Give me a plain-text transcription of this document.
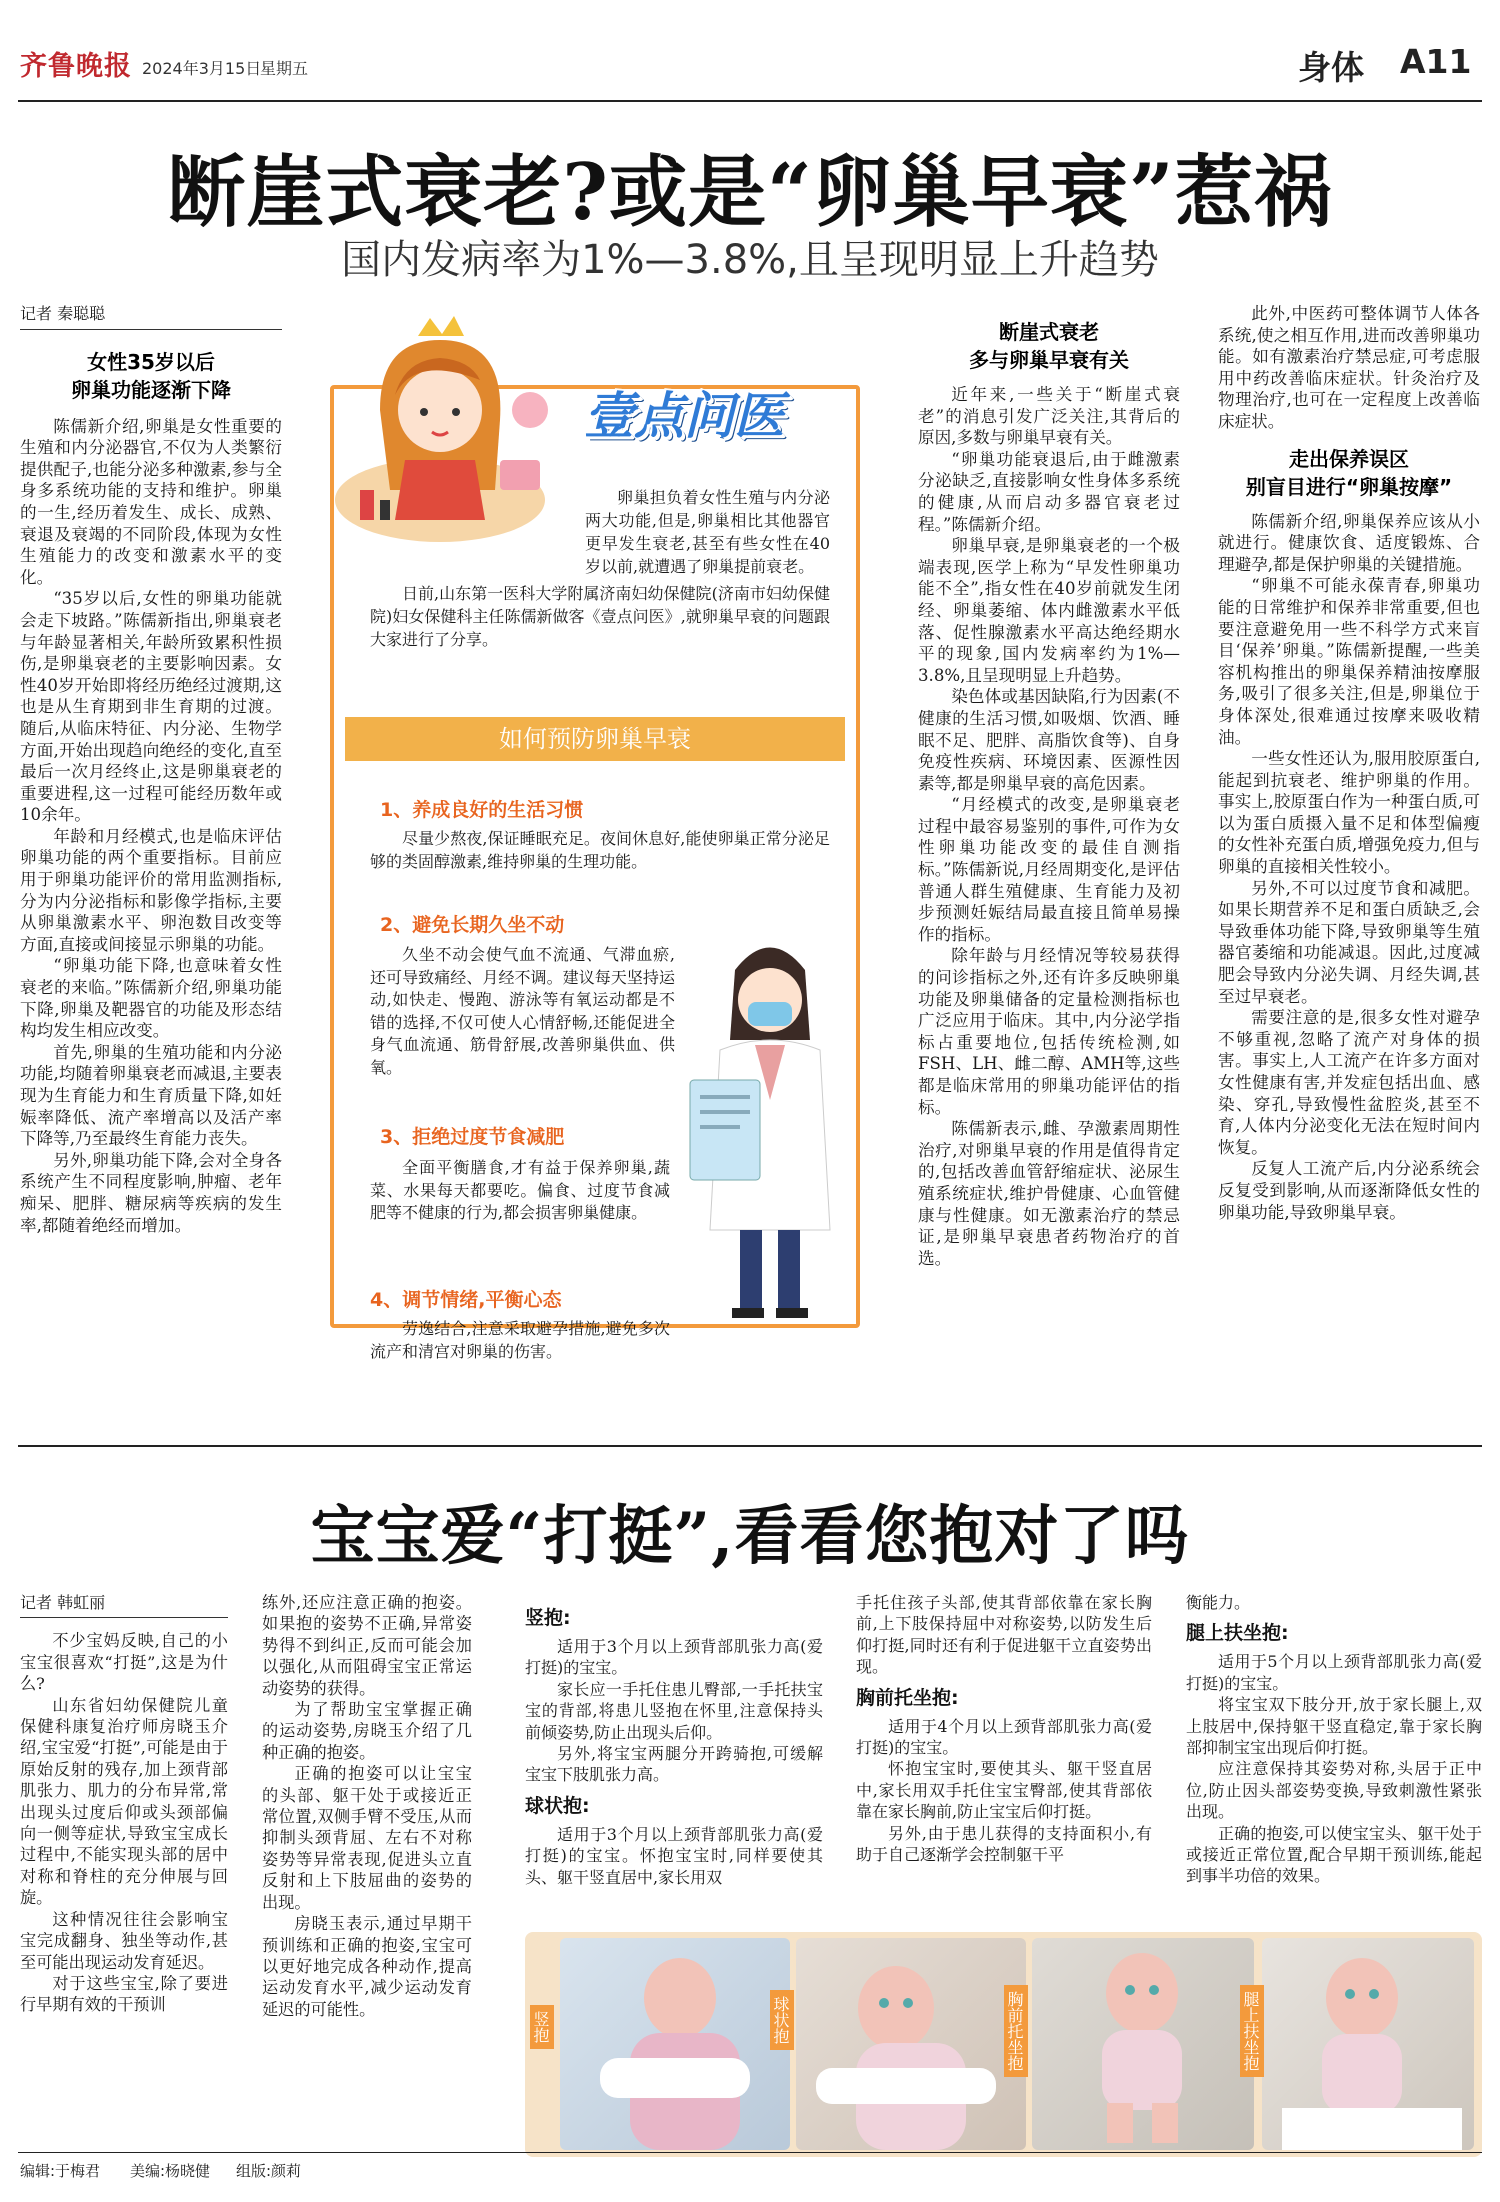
齐鲁晚报 2024年3月15日
星期五	身体 A11
断崖式衰老?或是“卵巢早衰”惹祸
国内发病率为1%—3.8%,且呈现明显上升趋势
记者 秦聪聪
女性35岁以后
卵巢功能逐渐下降

陈儒新介绍,卵巢是女性重要的生殖和内分泌器官,不仅为人类繁衍提供配子,也能分泌多种激素,参与全身多系统功能的支持和维护。卵巢的一生,经历着发生、成长、成熟、衰退及衰竭的不同阶段,体现为女性生殖能力的改变和激素水平的变化。

“35岁以后,女性的卵巢功能就会走下坡路。”陈儒新指出,卵巢衰老与年龄显著相关,年龄所致累积性损伤,是卵巢衰老的主要影响因素。女性40岁开始即将经历绝经过渡期,这也是从生育期到非生育期的过渡。随后,从临床特征、内分泌、生物学方面,开始出现趋向绝经的变化,直至最后一次月经终止,这是卵巢衰老的重要进程,这一过程可能经历数年或10余年。

年龄和月经模式,也是临床评估卵巢功能的两个重要指标。目前应用于卵巢功能评价的常用监测指标,分为内分泌指标和影像学指标,主要从卵巢激素水平、卵泡数目改变等方面,直接或间接显示卵巢的功能。

“卵巢功能下降,也意味着女性衰老的来临。”陈儒新介绍,卵巢功能下降,卵巢及靶器官的功能及形态结构均发生相应改变。

首先,卵巢的生殖功能和内分泌功能,均随着卵巢衰老而减退,主要表现为生育能力和生育质量下降,如妊娠率降低、流产率增高以及活产率下降等,乃至最终生育能力丧失。

另外,卵巢功能下降,会对全身各系统产生不同程度影响,肿瘤、老年痴呆、肥胖、糖尿病等疾病的发生率,都随着绝经而增加。

壹点问医
卵巢担负着女性生殖与内分泌两大功能,但是,卵巢相比其他器官更早发生衰老,甚至有些女性在40岁以前,就遭遇了卵巢提前衰老。
日前,山东第一医科大学附属济南妇幼保健院(济南市妇幼保健院)妇女保健科主任陈儒新做客《壹点问医》,就卵巢早衰的问题跟大家进行了分享。
如何预防卵巢早衰
1、养成良好的生活习惯
尽量少熬夜,保证睡眠充足。夜间休息好,能使卵巢正常分泌足够的类固醇激素,维持卵巢的生理功能。
2、避免长期久坐不动
久坐不动会使气血不流通、气滞血瘀,还可导致痛经、月经不调。建议每天坚持运动,如快走、慢跑、游泳等有氧运动都是不错的选择,不仅可使人心情舒畅,还能促进全身气血流通、筋骨舒展,改善卵巢供血、供氧。
3、拒绝过度节食减肥
全面平衡膳食,才有益于保养卵巢,蔬菜、水果每天都要吃。偏食、过度节食减肥等不健康的行为,都会损害卵巢健康。
4、调节情绪,平衡心态
劳逸结合,注意采取避孕措施,避免多次流产和清宫对卵巢的伤害。
断崖式衰老
多与卵巢早衰有关

近年来,一些关于“断崖式衰老”的消息引发广泛关注,其背后的原因,多数与卵巢早衰有关。

“卵巢功能衰退后,由于雌激素分泌缺乏,直接影响女性身体多系统的健康,从而启动多器官衰老过程。”陈儒新介绍。

卵巢早衰,是卵巢衰老的一个极端表现,医学上称为“早发性卵巢功能不全”,指女性在40岁前就发生闭经、卵巢萎缩、体内雌激素水平低落、促性腺激素水平高达绝经期水平的现象,国内发病率约为1%—3.8%,且呈现明显上升趋势。

染色体或基因缺陷,行为因素(不健康的生活习惯,如吸烟、饮酒、睡眠不足、肥胖、高脂饮食等)、自身免疫性疾病、环境因素、医源性因素等,都是卵巢早衰的高危因素。

“月经模式的改变,是卵巢衰老过程中最容易鉴别的事件,可作为女性卵巢功能改变的最佳自测指标。”陈儒新说,月经周期变化,是评估普通人群生殖健康、生育能力及初步预测妊娠结局最直接且简单易操作的指标。

除年龄与月经情况等较易获得的问诊指标之外,还有许多反映卵巢功能及卵巢储备的定量检测指标也广泛应用于临床。其中,内分泌学指标占重要地位,包括传统检测,如FSH、LH、雌二醇、AMH等,这些都是临床常用的卵巢功能评估的指标。

陈儒新表示,雌、孕激素周期性治疗,对卵巢早衰的作用是值得肯定的,包括改善血管舒缩症状、泌尿生殖系统症状,维护骨健康、心血管健康与性健康。如无激素治疗的禁忌证,是卵巢早衰患者药物治疗的首选。

此外,中医药可整体调节人体各系统,使之相互作用,进而改善卵巢功能。如有激素治疗禁忌症,可考虑服用中药改善临床症状。针灸治疗及物理治疗,也可在一定程度上改善临床症状。

走出保养误区
别盲目进行“卵巢按摩”

陈儒新介绍,卵巢保养应该从小就进行。健康饮食、适度锻炼、合理避孕,都是保护卵巢的关键措施。

“卵巢不可能永葆青春,卵巢功能的日常维护和保养非常重要,但也要注意避免用一些不科学方式来盲目‘保养’卵巢。”陈儒新提醒,一些美容机构推出的卵巢保养精油按摩服务,吸引了很多关注,但是,卵巢位于身体深处,很难通过按摩来吸收精油。

一些女性还认为,服用胶原蛋白,能起到抗衰老、维护卵巢的作用。事实上,胶原蛋白作为一种蛋白质,可以为蛋白质摄入量不足和体型偏瘦的女性补充蛋白质,增强免疫力,但与卵巢的直接相关性较小。

另外,不可以过度节食和减肥。如果长期营养不足和蛋白质缺乏,会导致垂体功能下降,导致卵巢等生殖器官萎缩和功能减退。因此,过度减肥会导致内分泌失调、月经失调,甚至过早衰老。

需要注意的是,很多女性对避孕不够重视,忽略了流产对身体的损害。事实上,人工流产在许多方面对女性健康有害,并发症包括出血、感染、穿孔,导致慢性盆腔炎,甚至不育,人体内分泌变化无法在短时间内恢复。

反复人工流产后,内分泌系统会反复受到影响,从而逐渐降低女性的卵巢功能,导致卵巢早衰。

宝宝爱“打挺”,看看您抱对了吗
记者 韩虹丽

不少宝妈反映,自己的小宝宝很喜欢“打挺”,这是为什么?

山东省妇幼保健院儿童保健科康复治疗师房晓玉介绍,宝宝爱“打挺”,可能是由于原始反射的残存,加上颈背部肌张力、肌力的分布异常,常出现头过度后仰或头颈部偏向一侧等症状,导致宝宝成长过程中,不能实现头部的居中对称和脊柱的充分伸展与回旋。

这种情况往往会影响宝宝完成翻身、独坐等动作,甚至可能出现运动发育延迟。

对于这些宝宝,除了要进行早期有效的干预训

练外,还应注意正确的抱姿。如果抱的姿势不正确,异常姿势得不到纠正,反而可能会加以强化,从而阻碍宝宝正常运动姿势的获得。

为了帮助宝宝掌握正确的运动姿势,房晓玉介绍了几种正确的抱姿。

正确的抱姿可以让宝宝的头部、躯干处于或接近正常位置,双侧手臂不受压,从而抑制头颈背屈、左右不对称姿势等异常表现,促进头立直反射和上下肢屈曲的姿势的出现。

房晓玉表示,通过早期干预训练和正确的抱姿,宝宝可以更好地完成各种动作,提高运动发育水平,减少运动发育延迟的可能性。

竖抱:

适用于3个月以上颈背部肌张力高(爱打挺)的宝宝。

家长应一手托住患儿臀部,一手托扶宝宝的背部,将患儿竖抱在怀里,注意保持头前倾姿势,防止出现头后仰。

另外,将宝宝两腿分开跨骑抱,可缓解宝宝下肢肌张力高。

球状抱:

适用于3个月以上颈背部肌张力高(爱打挺)的宝宝。怀抱宝宝时,同样要使其头、躯干竖直居中,家长用双

手托住孩子头部,使其背部依靠在家长胸前,上下肢保持屈中对称姿势,以防发生后仰打挺,同时还有利于促进躯干立直姿势出现。

胸前托坐抱:

适用于4个月以上颈背部肌张力高(爱打挺)的宝宝。

怀抱宝宝时,要使其头、躯干竖直居中,家长用双手托住宝宝臀部,使其背部依靠在家长胸前,防止宝宝后仰打挺。

另外,由于患儿获得的支持面积小,有助于自己逐渐学会控制躯干平

衡能力。

腿上扶坐抱:

适用于5个月以上颈背部肌张力高(爱打挺)的宝宝。

将宝宝双下肢分开,放于家长腿上,双上肢居中,保持躯干竖直稳定,靠于家长胸部抑制宝宝出现后仰打挺。

应注意保持其姿势对称,头居于正中位,防止因头部姿势变换,导致刺激性紧张出现。

正确的抱姿,可以使宝宝头、躯干处于或接近正常位置,配合早期干预训练,能起到事半功倍的效果。

竖抱	球状抱	胸前托坐抱	腿上扶坐抱
编辑:于梅君 美编:杨晓健 组版:颜莉
